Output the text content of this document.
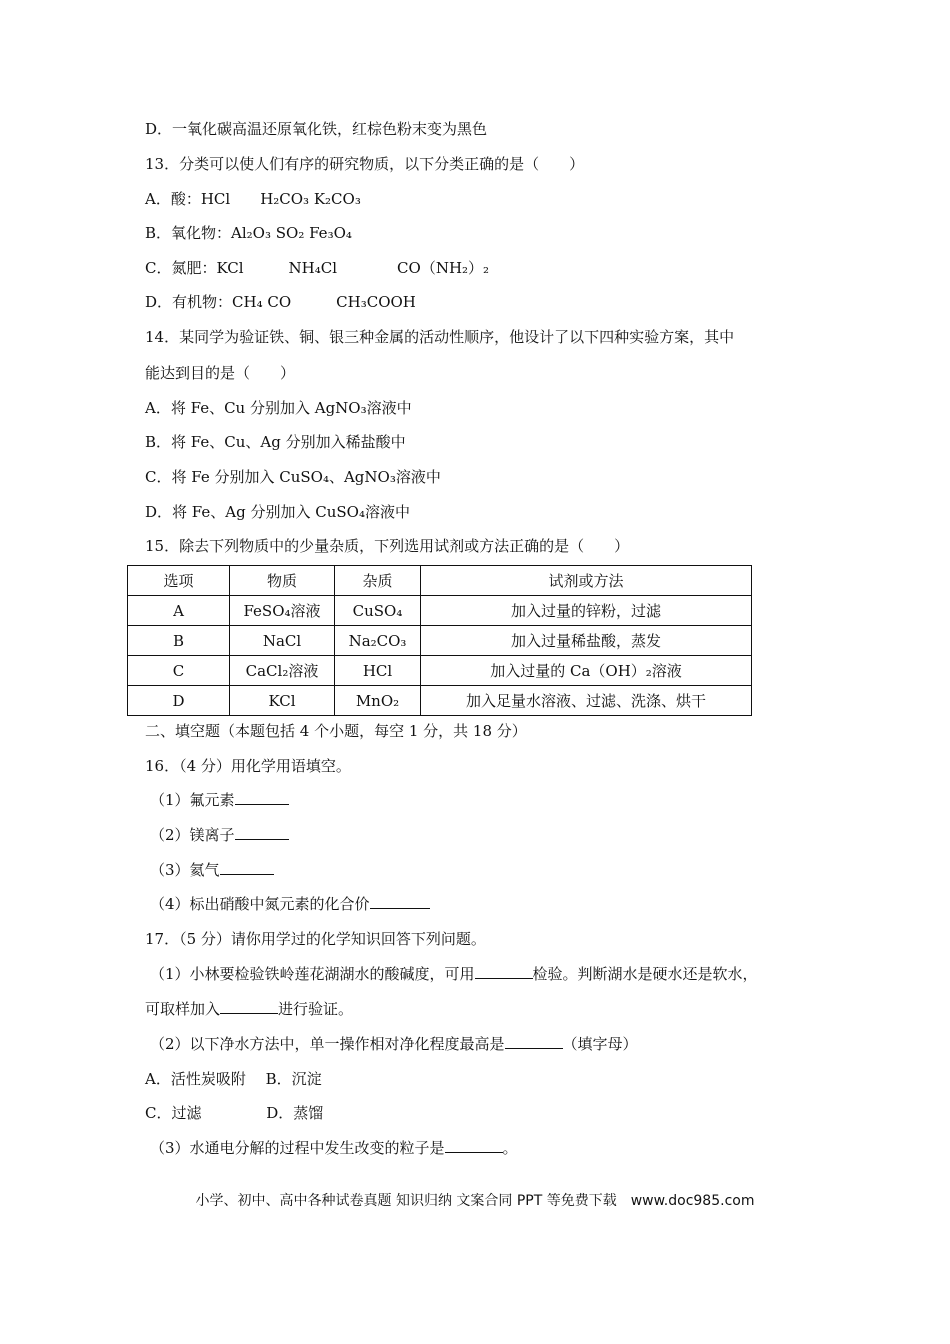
D．一氧化碳高温还原氧化铁，红棕色粉末变为黑色
13．分类可以使人们有序的研究物质，以下分类正确的是（　　）
A．酸：HCl　　H₂CO₃ K₂CO₃
B．氧化物：Al₂O₃ SO₂ Fe₃O₄
C．氮肥：KCl　　　NH₄Cl　　　　CO（NH₂）₂
D．有机物：CH₄ CO　　　CH₃COOH
14．某同学为验证铁、铜、银三种金属的活动性顺序，他设计了以下四种实验方案，其中
能达到目的是（　　）
A．将 Fe、Cu 分别加入 AgNO₃溶液中
B．将 Fe、Cu、Ag 分别加入稀盐酸中
C．将 Fe 分别加入 CuSO₄、AgNO₃溶液中
D．将 Fe、Ag 分别加入 CuSO₄溶液中
15．除去下列物质中的少量杂质，下列选用试剂或方法正确的是（　　）
选项	物质	杂质	试剂或方法
A	FeSO₄溶液	CuSO₄	加入过量的锌粉，过滤
B	NaCl	Na₂CO₃	加入过量稀盐酸，蒸发
C	CaCl₂溶液	HCl	加入过量的 Ca（OH）₂溶液
D	KCl	MnO₂	加入足量水溶液、过滤、洗涤、烘干
二、填空题（本题包括 4 个小题，每空 1 分，共 18 分）
16．（4 分）用化学用语填空。
（1）氟元素
（2）镁离子
（3）氦气
（4）标出硝酸中氮元素的化合价
17．（5 分）请你用学过的化学知识回答下列问题。
（1）小林要检验铁岭莲花湖湖水的酸碱度，可用	检验。判断湖水是硬水还是软水，
可取样加入	进行验证。
（2）以下净水方法中，单一操作相对净化程度最高是	（填字母）
A．活性炭吸附　 B．沉淀
C．过滤　　　　 D．蒸馏
（3）水通电分解的过程中发生改变的粒子是	。
小学、初中、高中各种试卷真题 知识归纳 文案合同 PPT 等免费下载　www.doc985.com
